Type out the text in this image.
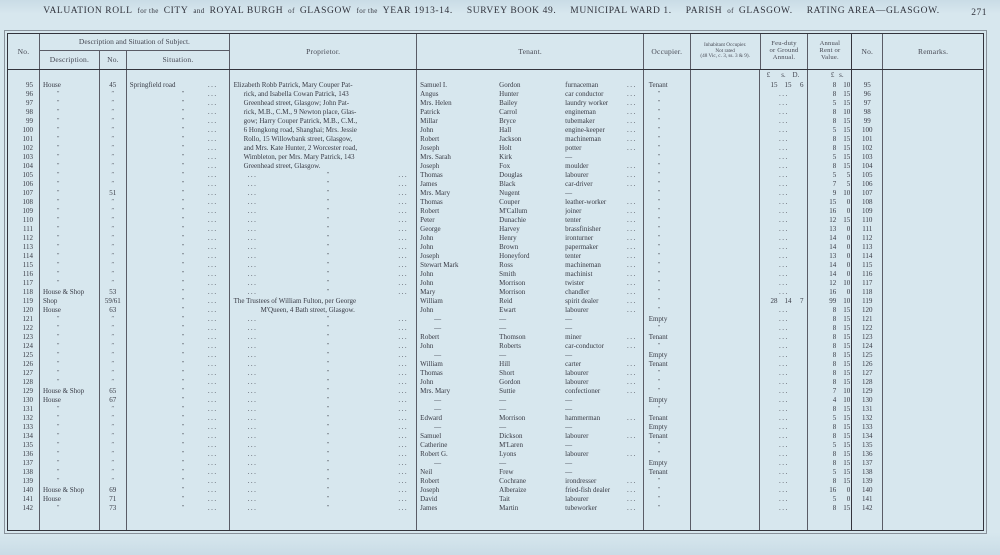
VALUATION ROLL for the CITY and ROYAL BURGH of GLASGOW for the YEAR 1913-14. SURVEY BOOK 49. MUNICIPAL WARD 1. PARISH of GLASGOW. RATING AREA—GLASGOW.	271
No.
Description and Situation of Subject.
Description.	No.	Situation.
Proprietor.	Tenant.	Occupier.
Inhabitant Occupier.
Not rated
(48 Vic, c. 3, ss. 3 & 9).
Feu-duty
or Ground
Annual.
Annual
Rent or
Value.
No.	Remarks.
£	s. D.	£ s.
95	House	45 Springfield road	... Elizabeth Robb Patrick, Mary Couper Pat-	Samuel I.	Gordon	furnaceman	... Tenant	15	15	6	8	10	95
96	″	″	″	...	rick, and Isabella Cowan Patrick, 143	Angus	Hunter	car conductor	...	″	...	8	15	96
97	″	″	″	...	Greenhead street, Glasgow; John Pat-	Mrs. Helen	Bailey	laundry worker	...	″	...	5	15	97
98	″	″	″	...	rick, M.B., C.M., 9 Newton place, Glas-	Patrick	Carrol	engineman	...	″	...	8	10	98
99	″	″	″	...	gow; Harry Couper Patrick, M.B., C.M.,	Millar	Bryce	tubemaker	...	″	...	8	15	99
100	″	″	″	...	6 Hongkong road, Shanghai; Mrs. Jessie	John	Hall	engine-keeper	...	″	...	5	15	100
101	″	″	″	...	Rollo, 15 Willowbank street, Glasgow,	Robert	Jackson	machineman	...	″	...	8	15	101
102	″	″	″	...	and Mrs. Kate Hunter, 2 Worcester road,	Joseph	Holt	potter	...	″	...	8	15	102
103	″	″	″	...	Wimbleton, per Mrs. Mary Patrick, 143	Mrs. Sarah	Kirk	—	″	...	5	15	103
104	″	″	″	...	Greenhead street, Glasgow.	Joseph	Fox	moulder	...	″	...	8	15	104
105	″	″	″	...	...	″	... Thomas	Douglas	labourer	...	″	...	5	5	105
106	″	″	″	...	...	″	... James	Black	car-driver	...	″	...	7	5	106
107	″	51	″	...	...	″	... Mrs. Mary	Nugent	—	″	...	9	10	107
108	″	″	″	...	...	″	... Thomas	Couper	leather-worker	...	″	...	15	0	108
109	″	″	″	...	...	″	... Robert	M'Callum	joiner	...	″	...	16	0	109
110	″	″	″	...	...	″	... Peter	Dunachie	tenter	...	″	...	12	15	110
111	″	″	″	...	...	″	... George	Harvey	brassfinisher	...	″	...	13	0	111
112	″	″	″	...	...	″	... John	Henry	ironturner	...	″	...	14	0	112
113	″	″	″	...	...	″	... John	Brown	papermaker	...	″	...	14	0	113
114	″	″	″	...	...	″	... Joseph	Honeyford	tenter	...	″	...	13	0	114
115	″	″	″	...	...	″	... Stewart Mark	Ross	machineman	...	″	...	14	0	115
116	″	″	″	...	...	″	... John	Smith	machinist	...	″	...	14	0	116
117	″	″	″	...	...	″	... John	Morrison	twister	...	″	...	12	10	117
118	House & Shop	53	″	...	...	″	... Mary	Morrison	chandler	...	″	...	16	0	118
119	Shop	59/61	″	... The Trustees of William Fulton, per George	William	Reid	spirit dealer	...	″	28	14	7	99	10	119
120	House	63	″	...	M'Queen, 4 Bath street, Glasgow.	John	Ewart	labourer	...	″	...	8	15	120
121	″	″	″	...	...	″	...	—	—	—	Empty	...	8	15	121
122	″	″	″	...	...	″	...	—	—	—	″	...	8	15	122
123	″	″	″	...	...	″	... Robert	Thomson	miner	... Tenant	...	8	15	123
124	″	″	″	...	...	″	... John	Roberts	car-conductor	...	″	...	8	15	124
125	″	″	″	...	...	″	...	—	—	—	Empty	...	8	15	125
126	″	″	″	...	...	″	... William	Hill	carter	... Tenant	...	8	15	126
127	″	″	″	...	...	″	... Thomas	Short	labourer	...	″	...	8	15	127
128	″	″	″	...	...	″	... John	Gordon	labourer	...	″	...	8	15	128
129	House & Shop	65	″	...	...	″	... Mrs. Mary	Suttie	confectioner	...	″	...	7	10	129
130	House	67	″	...	...	″	...	—	—	—	Empty	...	4	10	130
131	″	″	″	...	...	″	...	—	—	—	″	...	8	15	131
132	″	″	″	...	...	″	... Edward	Morrison	hammerman	... Tenant	...	5	15	132
133	″	″	″	...	...	″	...	—	—	—	Empty	...	8	15	133
134	″	″	″	...	...	″	... Samuel	Dickson	labourer	... Tenant	...	8	15	134
135	″	″	″	...	...	″	... Catherine	M'Laren	—	″	...	5	15	135
136	″	″	″	...	...	″	... Robert G.	Lyons	labourer	...	″	...	8	15	136
137	″	″	″	...	...	″	...	—	—	—	Empty	...	8	15	137
138	″	″	″	...	...	″	... Neil	Frew	—	Tenant	...	5	15	138
139	″	″	″	...	...	″	... Robert	Cochrane	irondresser	...	″	...	8	15	139
140	House & Shop	69	″	...	...	″	... Joseph	Alberaize	fried-fish dealer ...	″	...	16	0	140
141	House	71	″	...	...	″	... David	Tait	labourer	...	″	...	5	0	141
142	″	73	″	...	...	″	... James	Martin	tubeworker	...	″	...	8	15	142
